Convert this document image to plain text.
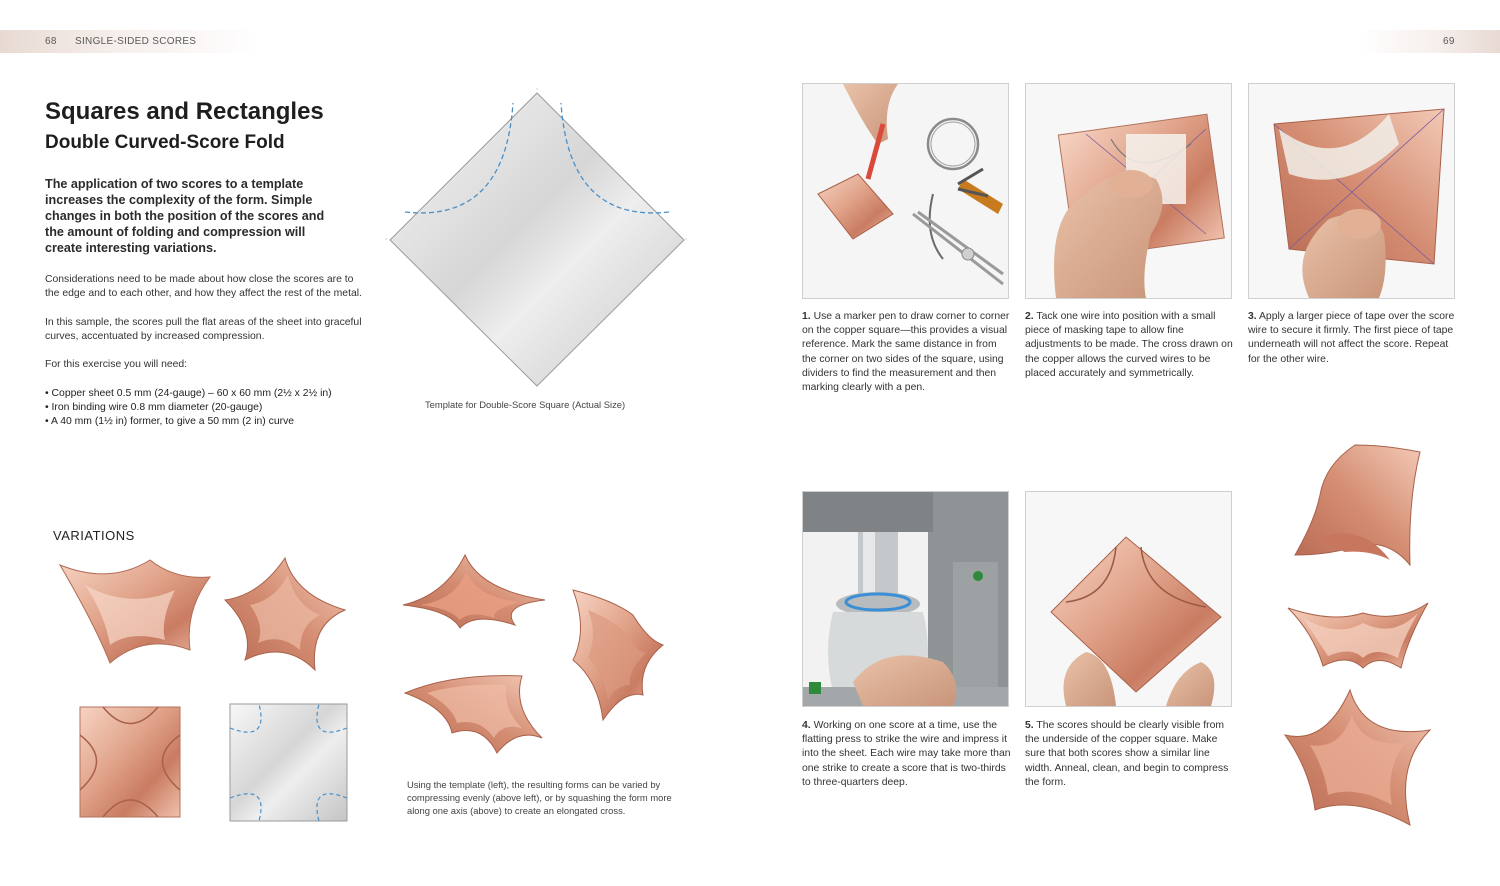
68 SINGLE-SIDED SCORES	69
Squares and Rectangles
Double Curved-Score Fold

The application of two scores to a template increases the complexity of the form. Simple changes in both the position of the scores and the amount of folding and compression will create interesting variations.

Considerations need to be made about how close the scores are to the edge and to each other, and how they affect the rest of the metal.

In this sample, the scores pull the flat areas of the sheet into graceful curves, accentuated by increased compression.

For this exercise you will need:

• Copper sheet 0.5 mm (24-gauge) – 60 x 60 mm (2½ x 2½ in)
• Iron binding wire 0.8 mm diameter (20-gauge)
• A 40 mm (1½ in) former, to give a 50 mm (2 in) curve
Template for Double-Score Square (Actual Size)

VARIATIONS

Using the template (left), the resulting forms can be varied by compressing evenly (above left), or by squashing the form more along one axis (above) to create an elongated cross.

1. Use a marker pen to draw corner to corner on the copper square—this provides a visual reference. Mark the same distance in from the corner on two sides of the square, using dividers to find the measurement and then marking clearly with a pen.

2. Tack one wire into position with a small piece of masking tape to allow fine adjustments to be made. The cross drawn on the copper allows the curved wires to be placed accurately and symmetrically.

3. Apply a larger piece of tape over the score wire to secure it firmly. The first piece of tape underneath will not affect the score. Repeat for the other wire.

4. Working on one score at a time, use the flatting press to strike the wire and impress it into the sheet. Each wire may take more than one strike to create a score that is two-thirds to three-quarters deep.

5. The scores should be clearly visible from the underside of the copper square. Make sure that both scores show a similar line width. Anneal, clean, and begin to compress the form.
